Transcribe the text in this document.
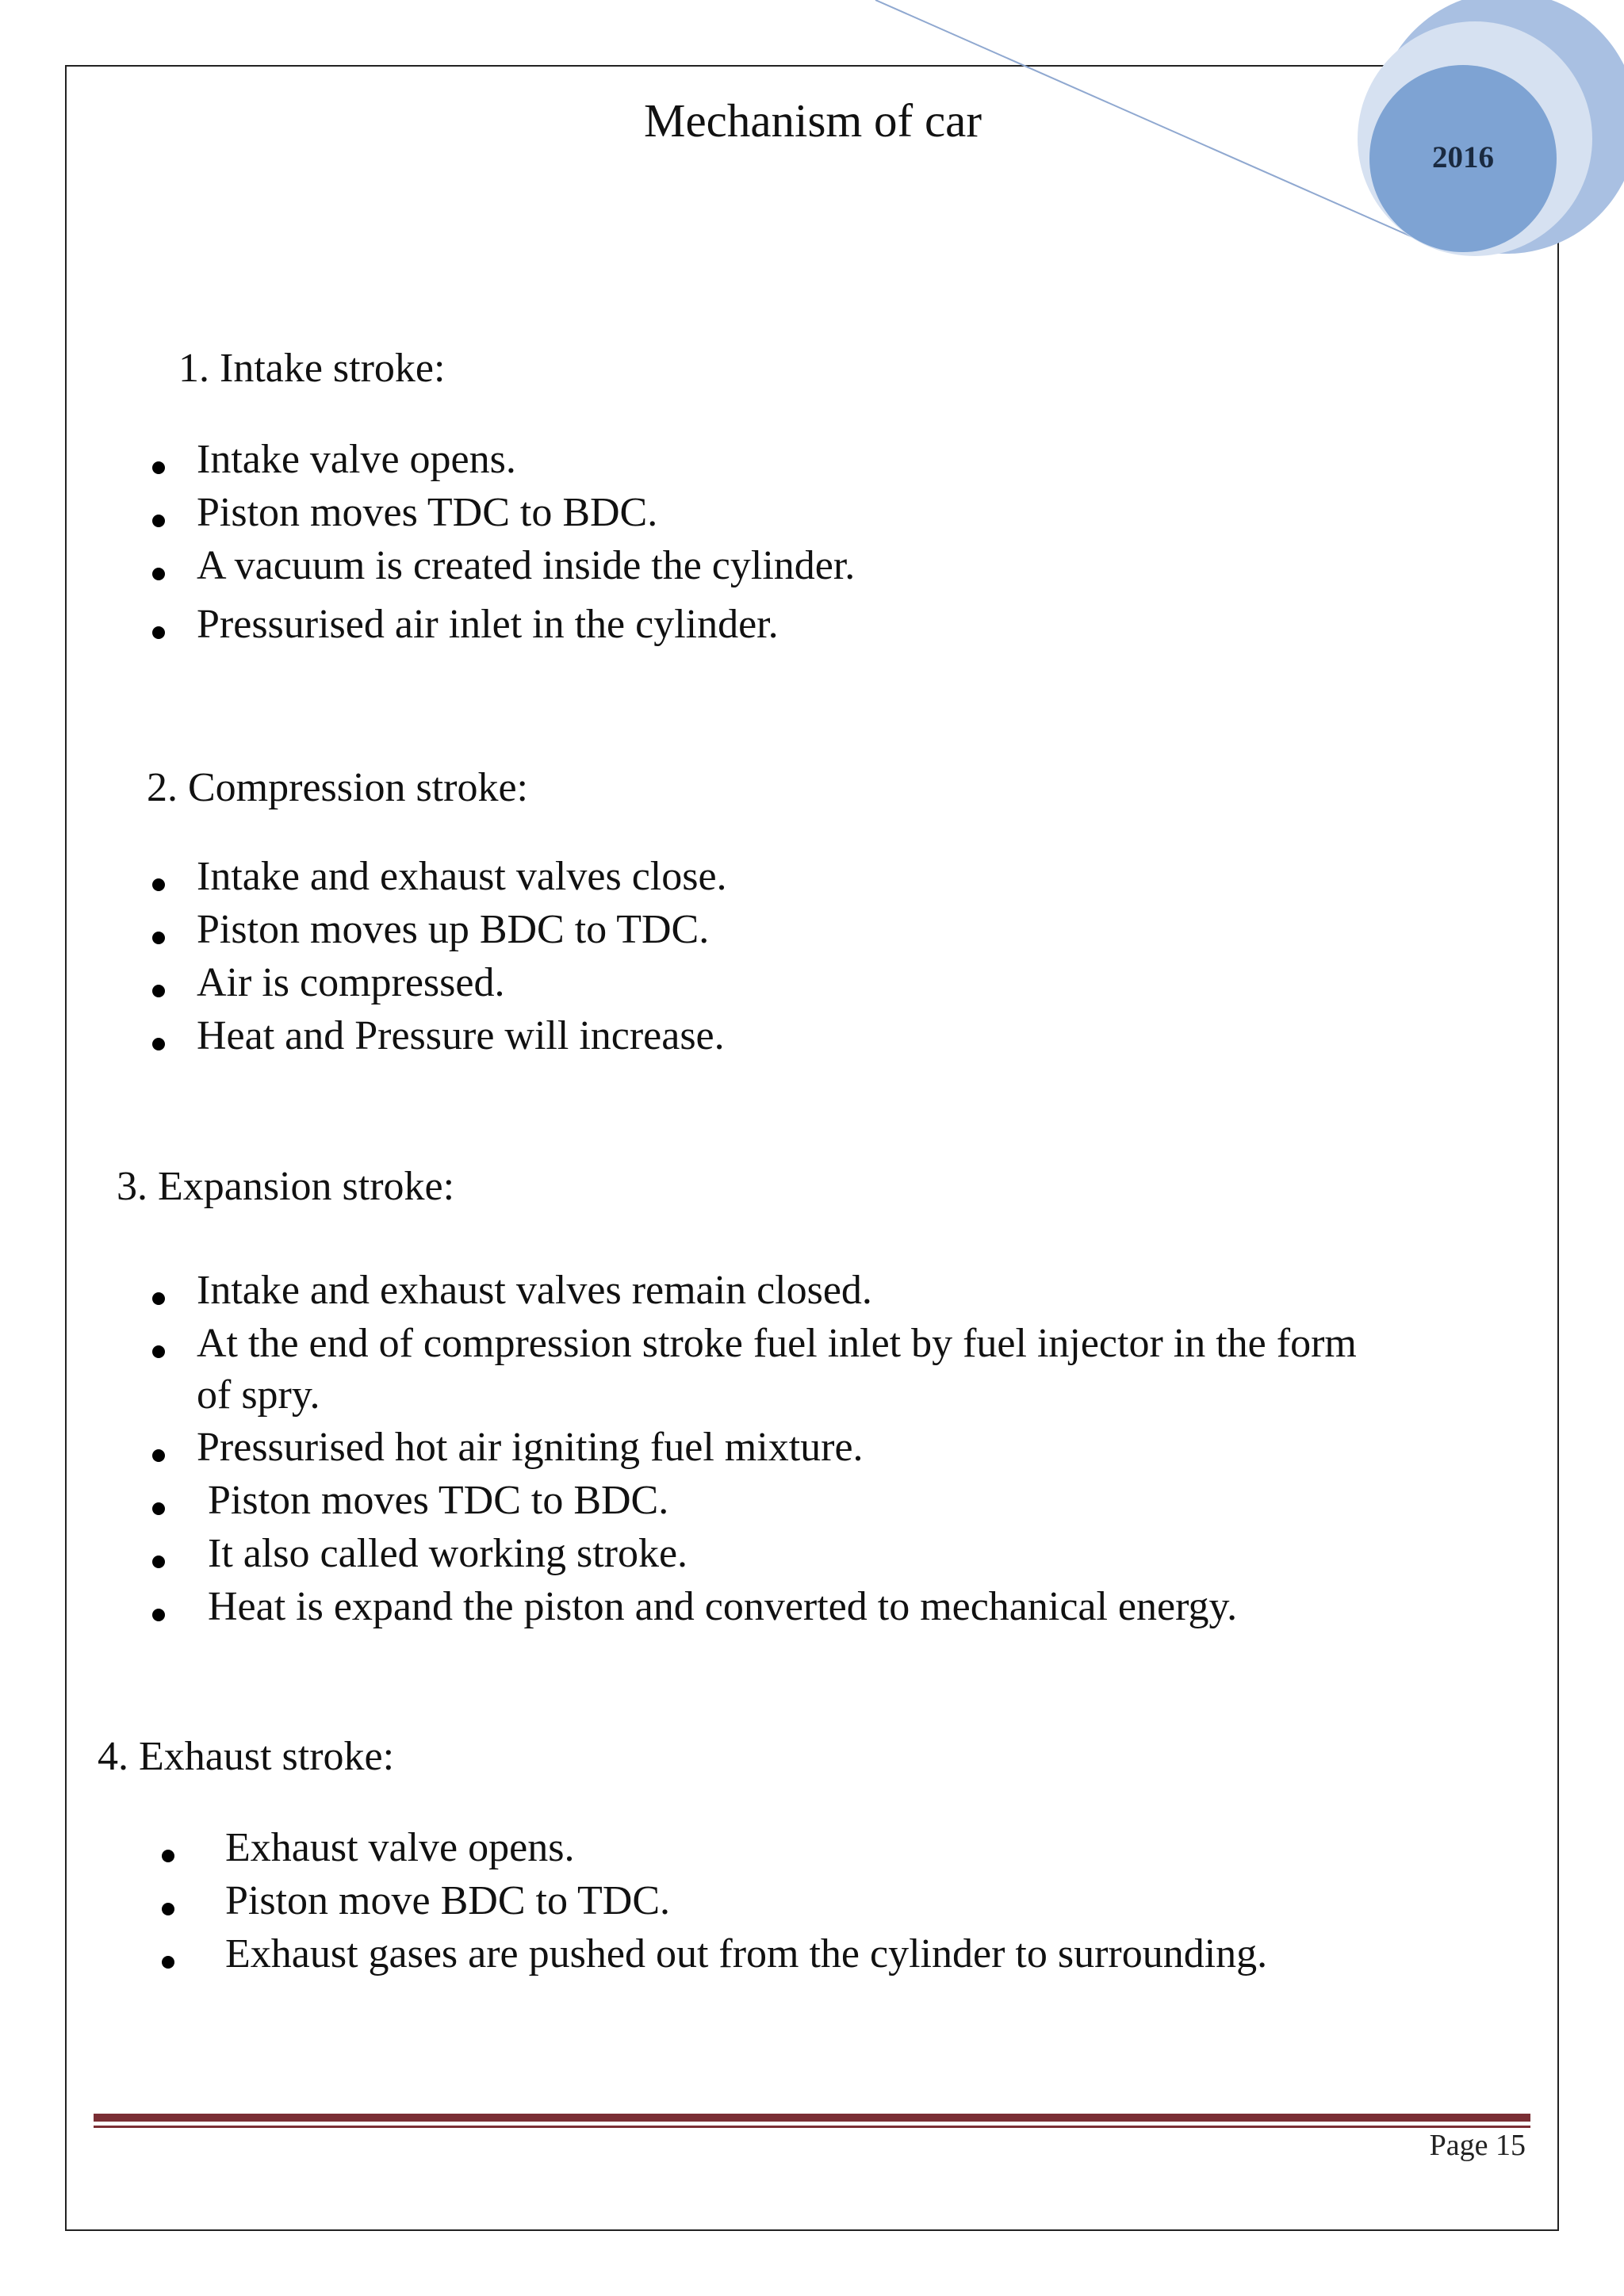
Mechanism of car
2016
1. Intake stroke:
Intake valve opens.
Piston moves TDC to BDC.
A vacuum is created inside the cylinder.
Pressurised air inlet in the cylinder.
2. Compression stroke:
Intake and exhaust valves close.
Piston moves up BDC to TDC.
Air is compressed.
Heat and Pressure will increase.
3. Expansion stroke:
Intake and exhaust valves remain closed.
At the end of compression stroke fuel inlet by fuel injector in the form
of spry.
Pressurised hot air igniting fuel mixture.
Piston moves TDC to BDC.
It also called working stroke.
Heat is expand the piston and converted to mechanical energy.
4. Exhaust stroke:
Exhaust valve opens.
Piston move BDC to TDC.
Exhaust gases are pushed out from the cylinder to surrounding.
Page 15
